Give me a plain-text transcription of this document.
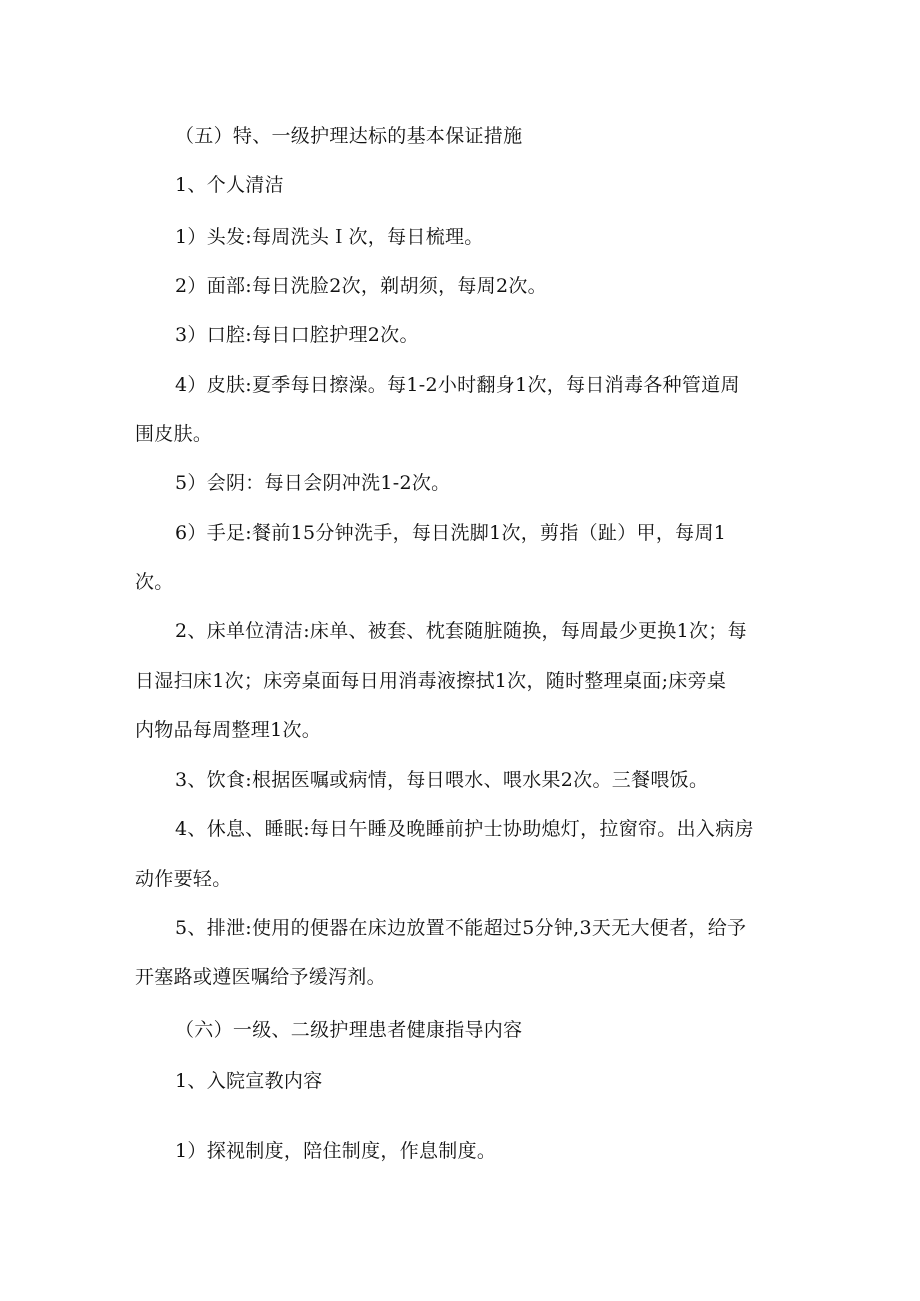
（五）特、一级护理达标的基本保证措施
1、个人清洁
1）头发:每周洗头Ｉ次，每日梳理。
2）面部:每日洗脸2次，剃胡须，每周2次。
3）口腔:每日口腔护理2次。
4）皮肤:夏季每日擦澡。每1-2小时翻身1次，每日消毒各种管道周
围皮肤。
5）会阴：每日会阴冲洗1-2次。
6）手足:餐前15分钟洗手，每日洗脚1次，剪指（趾）甲，每周1
次。
2、床单位清洁:床单、被套、枕套随脏随换，每周最少更换1次；每
日湿扫床1次；床旁桌面每日用消毒液擦拭1次，随时整理桌面;床旁桌
内物品每周整理1次。
3、饮食:根据医嘱或病情，每日喂水、喂水果2次。三餐喂饭。
4、休息、睡眠:每日午睡及晚睡前护士协助熄灯，拉窗帘。出入病房
动作要轻。
5、排泄:使用的便器在床边放置不能超过5分钟,3天无大便者，给予
开塞路或遵医嘱给予缓泻剂。
（六）一级、二级护理患者健康指导内容
1、入院宣教内容
1）探视制度，陪住制度，作息制度。
